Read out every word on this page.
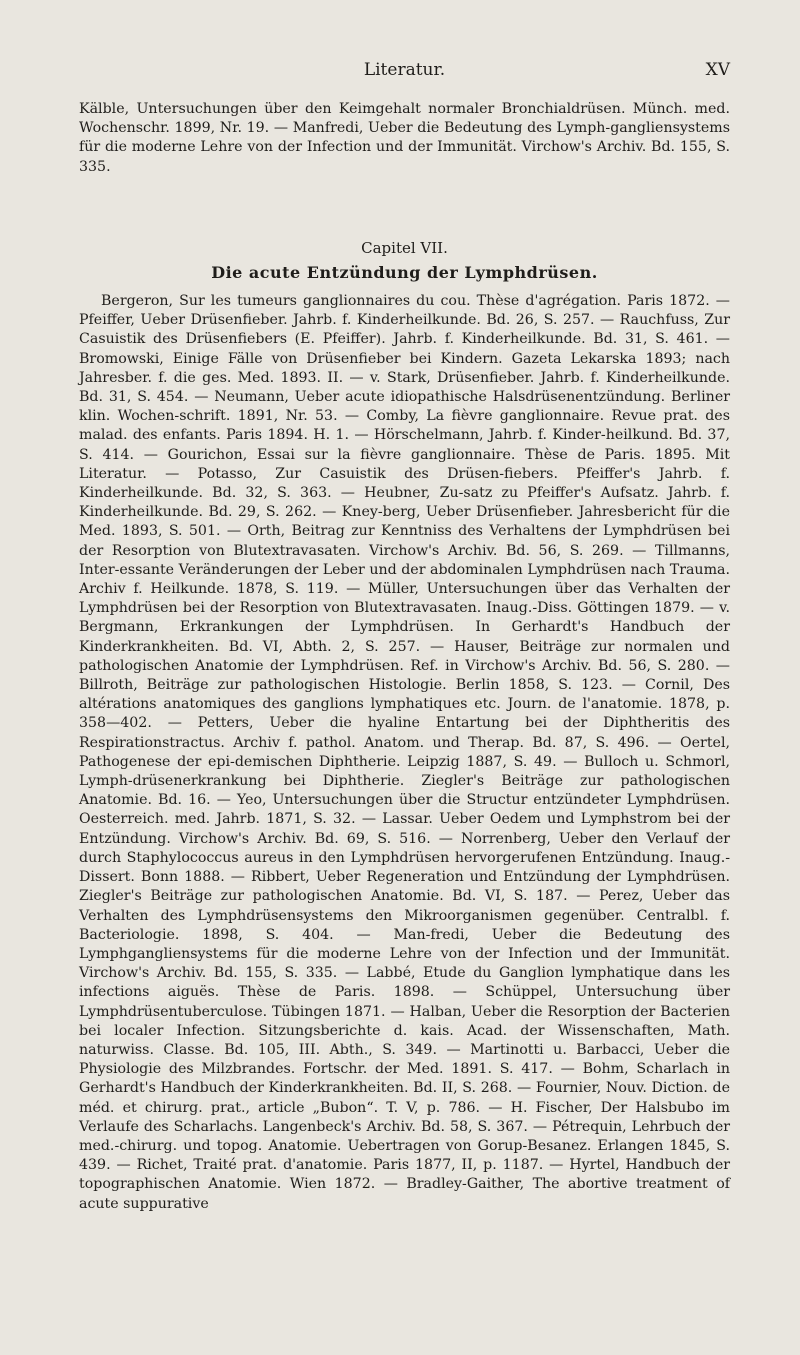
Literatur.	XV

Kälble, Untersuchungen über den Keimgehalt normaler Bronchialdrüsen. Münch. med. Wochenschr. 1899, Nr. 19. — Manfredi, Ueber die Bedeutung des Lymph-gangliensystems für die moderne Lehre von der Infection und der Immunität. Virchow's Archiv. Bd. 155, S. 335.

Capitel VII.
Die acute Entzündung der Lymphdrüsen.

Bergeron, Sur les tumeurs ganglionnaires du cou. Thèse d'agrégation. Paris 1872. — Pfeiffer, Ueber Drüsenfieber. Jahrb. f. Kinderheilkunde. Bd. 26, S. 257. — Rauchfuss, Zur Casuistik des Drüsenfiebers (E. Pfeiffer). Jahrb. f. Kinderheilkunde. Bd. 31, S. 461. — Bromowski, Einige Fälle von Drüsenfieber bei Kindern. Gazeta Lekarska 1893; nach Jahresber. f. die ges. Med. 1893. II. — v. Stark, Drüsenfieber. Jahrb. f. Kinderheilkunde. Bd. 31, S. 454. — Neumann, Ueber acute idiopathische Halsdrüsenentzündung. Berliner klin. Wochen-schrift. 1891, Nr. 53. — Comby, La fièvre ganglionnaire. Revue prat. des malad. des enfants. Paris 1894. H. 1. — Hörschelmann, Jahrb. f. Kinder-heilkund. Bd. 37, S. 414. — Gourichon, Essai sur la fièvre ganglionnaire. Thèse de Paris. 1895. Mit Literatur. — Potasso, Zur Casuistik des Drüsen-fiebers. Pfeiffer's Jahrb. f. Kinderheilkunde. Bd. 32, S. 363. — Heubner, Zu-satz zu Pfeiffer's Aufsatz. Jahrb. f. Kinderheilkunde. Bd. 29, S. 262. — Kney-berg, Ueber Drüsenfieber. Jahresbericht für die Med. 1893, S. 501. — Orth, Beitrag zur Kenntniss des Verhaltens der Lymphdrüsen bei der Resorption von Blutextravasaten. Virchow's Archiv. Bd. 56, S. 269. — Tillmanns, Inter-essante Veränderungen der Leber und der abdominalen Lymphdrüsen nach Trauma. Archiv f. Heilkunde. 1878, S. 119. — Müller, Untersuchungen über das Verhalten der Lymphdrüsen bei der Resorption von Blutextravasaten. Inaug.-Diss. Göttingen 1879. — v. Bergmann, Erkrankungen der Lymphdrüsen. In Gerhardt's Handbuch der Kinderkrankheiten. Bd. VI, Abth. 2, S. 257. — Hauser, Beiträge zur normalen und pathologischen Anatomie der Lymphdrüsen. Ref. in Virchow's Archiv. Bd. 56, S. 280. — Billroth, Beiträge zur pathologischen Histologie. Berlin 1858, S. 123. — Cornil, Des altérations anatomiques des ganglions lymphatiques etc. Journ. de l'anatomie. 1878, p. 358—402. — Petters, Ueber die hyaline Entartung bei der Diphtheritis des Respirationstractus. Archiv f. pathol. Anatom. und Therap. Bd. 87, S. 496. — Oertel, Pathogenese der epi-demischen Diphtherie. Leipzig 1887, S. 49. — Bulloch u. Schmorl, Lymph-drüsenerkrankung bei Diphtherie. Ziegler's Beiträge zur pathologischen Anatomie. Bd. 16. — Yeo, Untersuchungen über die Structur entzündeter Lymphdrüsen. Oesterreich. med. Jahrb. 1871, S. 32. — Lassar. Ueber Oedem und Lymphstrom bei der Entzündung. Virchow's Archiv. Bd. 69, S. 516. — Norrenberg, Ueber den Verlauf der durch Staphylococcus aureus in den Lymphdrüsen hervorgerufenen Entzündung. Inaug.-Dissert. Bonn 1888. — Ribbert, Ueber Regeneration und Entzündung der Lymphdrüsen. Ziegler's Beiträge zur pathologischen Anatomie. Bd. VI, S. 187. — Perez, Ueber das Verhalten des Lymphdrüsensystems den Mikroorganismen gegenüber. Centralbl. f. Bacteriologie. 1898, S. 404. — Man-fredi, Ueber die Bedeutung des Lymphgangliensystems für die moderne Lehre von der Infection und der Immunität. Virchow's Archiv. Bd. 155, S. 335. — Labbé, Etude du Ganglion lymphatique dans les infections aiguës. Thèse de Paris. 1898. — Schüppel, Untersuchung über Lymphdrüsentuberculose. Tübingen 1871. — Halban, Ueber die Resorption der Bacterien bei localer Infection. Sitzungsberichte d. kais. Acad. der Wissenschaften, Math. naturwiss. Classe. Bd. 105, III. Abth., S. 349. — Martinotti u. Barbacci, Ueber die Physiologie des Milzbrandes. Fortschr. der Med. 1891. S. 417. — Bohm, Scharlach in Gerhardt's Handbuch der Kinderkrankheiten. Bd. II, S. 268. — Fournier, Nouv. Diction. de méd. et chirurg. prat., article „Bubon“. T. V, p. 786. — H. Fischer, Der Halsbubo im Verlaufe des Scharlachs. Langenbeck's Archiv. Bd. 58, S. 367. — Pétrequin, Lehrbuch der med.-chirurg. und topog. Anatomie. Uebertragen von Gorup-Besanez. Erlangen 1845, S. 439. — Richet, Traité prat. d'anatomie. Paris 1877, II, p. 1187. — Hyrtel, Handbuch der topographischen Anatomie. Wien 1872. — Bradley-Gaither, The abortive treatment of acute suppurative
